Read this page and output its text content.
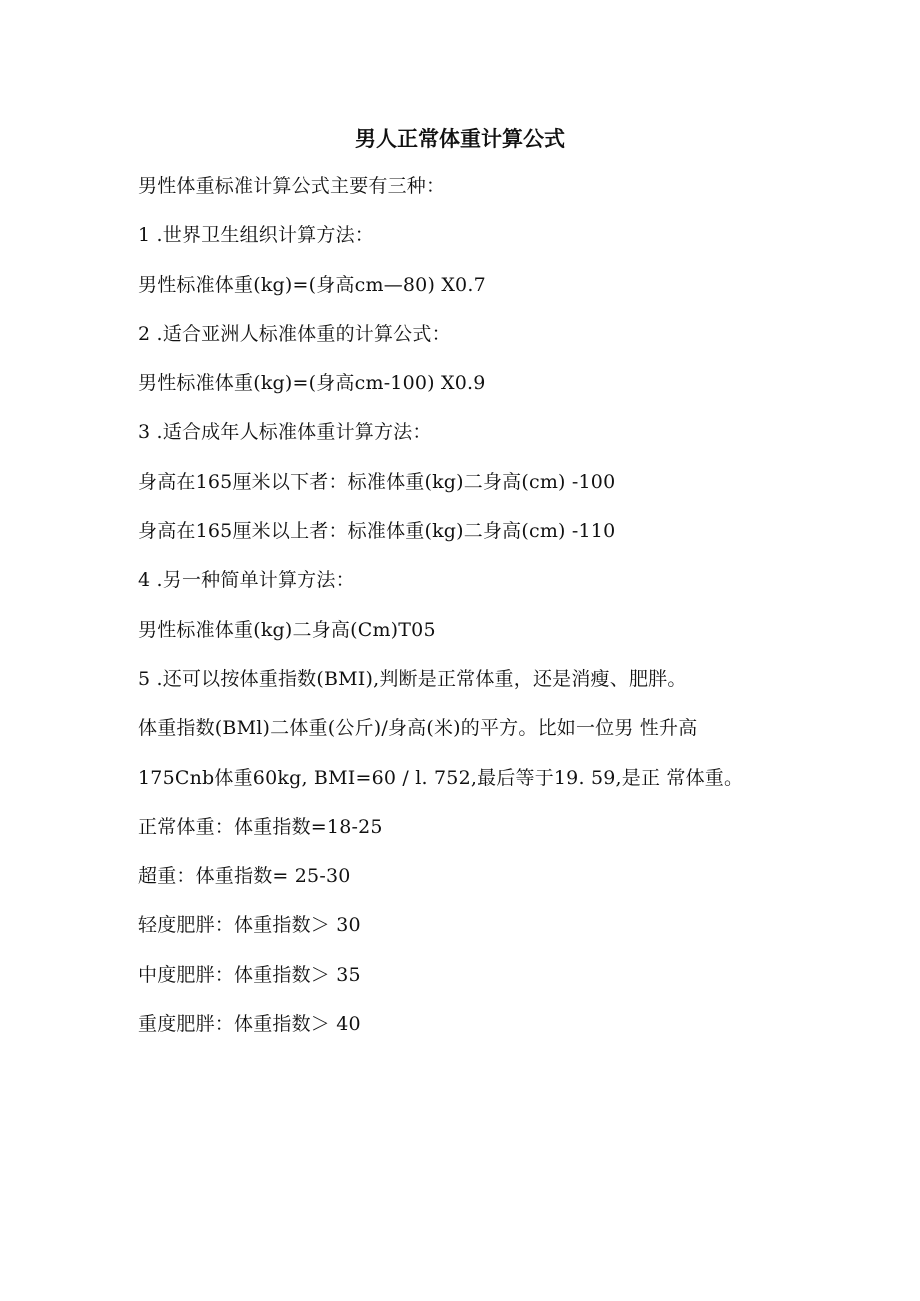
男人正常体重计算公式
男性体重标准计算公式主要有三种：
1 .世界卫生组织计算方法：
男性标准体重(kg)=(身高cm—80) X0.7
2 .适合亚洲人标准体重的计算公式：
男性标准体重(kg)=(身高cm-100) X0.9
3 .适合成年人标准体重计算方法：
身高在165厘米以下者：标准体重(kg)二身高(cm) -100
身高在165厘米以上者：标准体重(kg)二身高(cm) -110
4 .另一种简单计算方法：
男性标准体重(kg)二身高(Cm)T05
5 .还可以按体重指数(BMI),判断是正常体重，还是消瘦、肥胖。
体重指数(BMl)二体重(公斤)/身高(米)的平方。比如一位男 性升高
175Cnb体重60kg, BMI=60 / l. 752,最后等于19. 59,是正 常体重。
正常体重：体重指数=18-25
超重：体重指数= 25-30
轻度肥胖：体重指数＞ 30
中度肥胖：体重指数＞ 35
重度肥胖：体重指数＞ 40
